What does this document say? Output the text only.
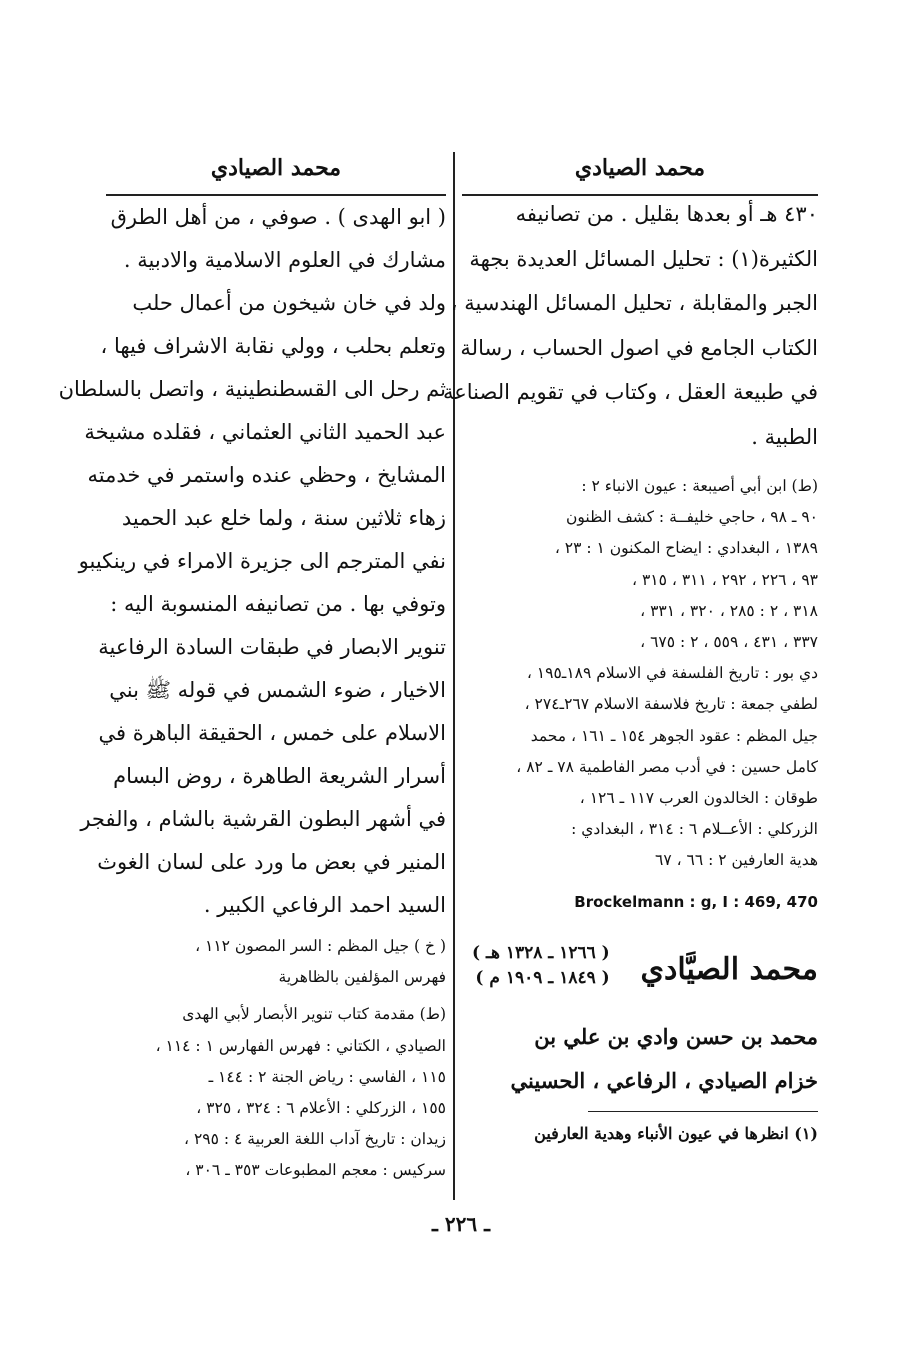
محمد الصيادي
٤٣٠ هـ أو بعدها بقليل . من تصانيفه
الكثيرة(١) : تحليل المسائل العديدة بجهة
الجبر والمقابلة ، تحليل المسائل الهندسية ،
الكتاب الجامع في اصول الحساب ، رسالة
في طبيعة العقل ، وكتاب في تقويم الصناعة
الطبية .
(ط) ابن أبي أصيبعة : عيون الانباء ٢ :
٩٠ ـ ٩٨ ، حاجي خليفــة : كشف الظنون
١٣٨٩ ، البغدادي : ايضاح المكنون ١ : ٢٣ ،
٩٣ ، ٢٢٦ ، ٢٩٢ ، ٣١١ ، ٣١٥ ،
٣١٨ ، ٢ : ٢٨٥ ، ٣٢٠ ، ٣٣١ ،
٣٣٧ ، ٤٣١ ، ٥٥٩ ، ٢ : ٦٧٥ ،
دي بور : تاريخ الفلسفة في الاسلام ١٨٩ـ١٩٥ ،
لطفي جمعة : تاريخ فلاسفة الاسلام ٢٦٧ـ٢٧٤ ،
جيل المظم : عقود الجوهر ١٥٤ ـ ١٦١ ، محمد
كامل حسين : في أدب مصر الفاطمية ٧٨ ـ ٨٢ ،
طوقان : الخالدون العرب ١١٧ ـ ١٢٦ ،
الزركلي : الأعــلام ٦ : ٣١٤ ، البغدادي :
هدية العارفين ٢ : ٦٦ ، ٦٧
Brockelmann : g, I : 469, 470
محمد الصيَّادي
( ١٢٦٦ ـ ١٣٢٨ هـ )
( ١٨٤٩ ـ ١٩٠٩ م )
محمد بن حسن وادي بن علي بن
خزام الصيادي ، الرفاعي ، الحسيني
(١) انظرها في عيون الأنباء وهدية العارفين
محمد الصيادي
( ابو الهدى ) . صوفي ، من أهل الطرق
مشارك في العلوم الاسلامية والادبية .
ولد في خان شيخون من أعمال حلب
وتعلم بحلب ، وولي نقابة الاشراف فيها ،
ثم رحل الى القسطنطينية ، واتصل بالسلطان
عبد الحميد الثاني العثماني ، فقلده مشيخة
المشايخ ، وحظي عنده واستمر في خدمته
زهاء ثلاثين سنة ، ولما خلع عبد الحميد
نفي المترجم الى جزيرة الامراء في رينكيبو
وتوفي بها . من تصانيفه المنسوبة اليه :
تنوير الابصار في طبقات السادة الرفاعية
الاخيار ، ضوء الشمس في قوله ﷺ بني
الاسلام على خمس ، الحقيقة الباهرة في
أسرار الشريعة الطاهرة ، روض البسام
في أشهر البطون القرشية بالشام ، والفجر
المنير في بعض ما ورد على لسان الغوث
السيد احمد الرفاعي الكبير .
( خ ) جيل المظم : السر المصون ١١٢ ،
فهرس المؤلفين بالظاهرية
(ط) مقدمة كتاب تنوير الأبصار لأبي الهدى
الصيادي ، الكتاني : فهرس الفهارس ١ : ١١٤ ،
١١٥ ، الفاسي : رياض الجنة ٢ : ١٤٤ ـ
١٥٥ ، الزركلي : الأعلام ٦ : ٣٢٤ ، ٣٢٥ ،
زيدان : تاريخ آداب اللغة العربية ٤ : ٢٩٥ ،
سركيس : معجم المطبوعات ٣٥٣ ـ ٣٠٦ ،
ـ ٢٢٦ ـ
